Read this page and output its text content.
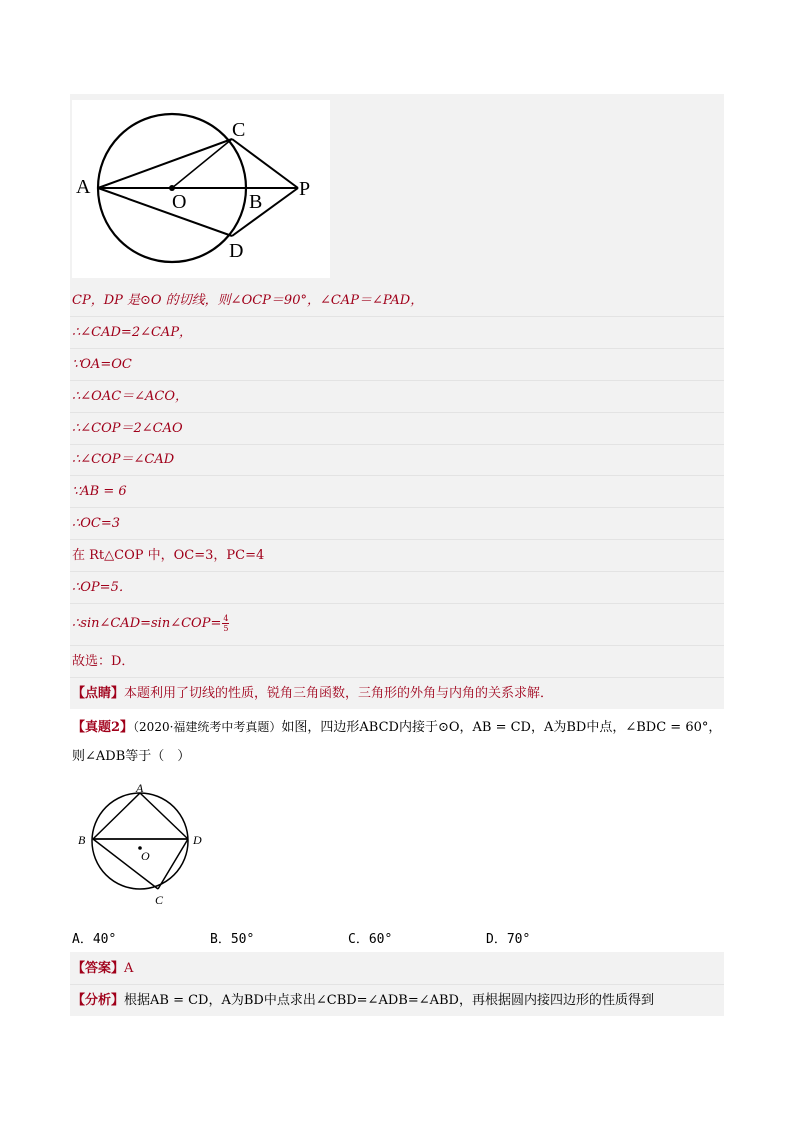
A
C
O	B
P
D
CP，DP 是⊙O 的切线，则∠OCP＝90°，∠CAP＝∠PAD，
∴∠CAD=2∠CAP，
∵OA=OC
∴∠OAC＝∠ACO，
∴∠COP＝2∠CAO
∴∠COP＝∠CAD
∵AB = 6
∴OC=3
在 Rt△COP 中，OC=3，PC=4
∴OP=5．
∴sin∠CAD=sin∠COP= $\frac{4}{5}$
故选：D．
【点睛】本题利用了切线的性质，锐角三角函数，三角形的外角与内角的关系求解．
【真题2】（2020·福建统考中考真题）如图，四边形ABCD内接于⊙O，AB = CD，A为BD中点，∠BDC = 60°，
则∠ADB等于（　）
A
B	D
O
C
A．40°	B．50°	C．60°	D．70°
【答案】A
【分析】根据AB = CD，A为BD中点求出∠CBD=∠ADB=∠ABD，再根据圆内接四边形的性质得到
